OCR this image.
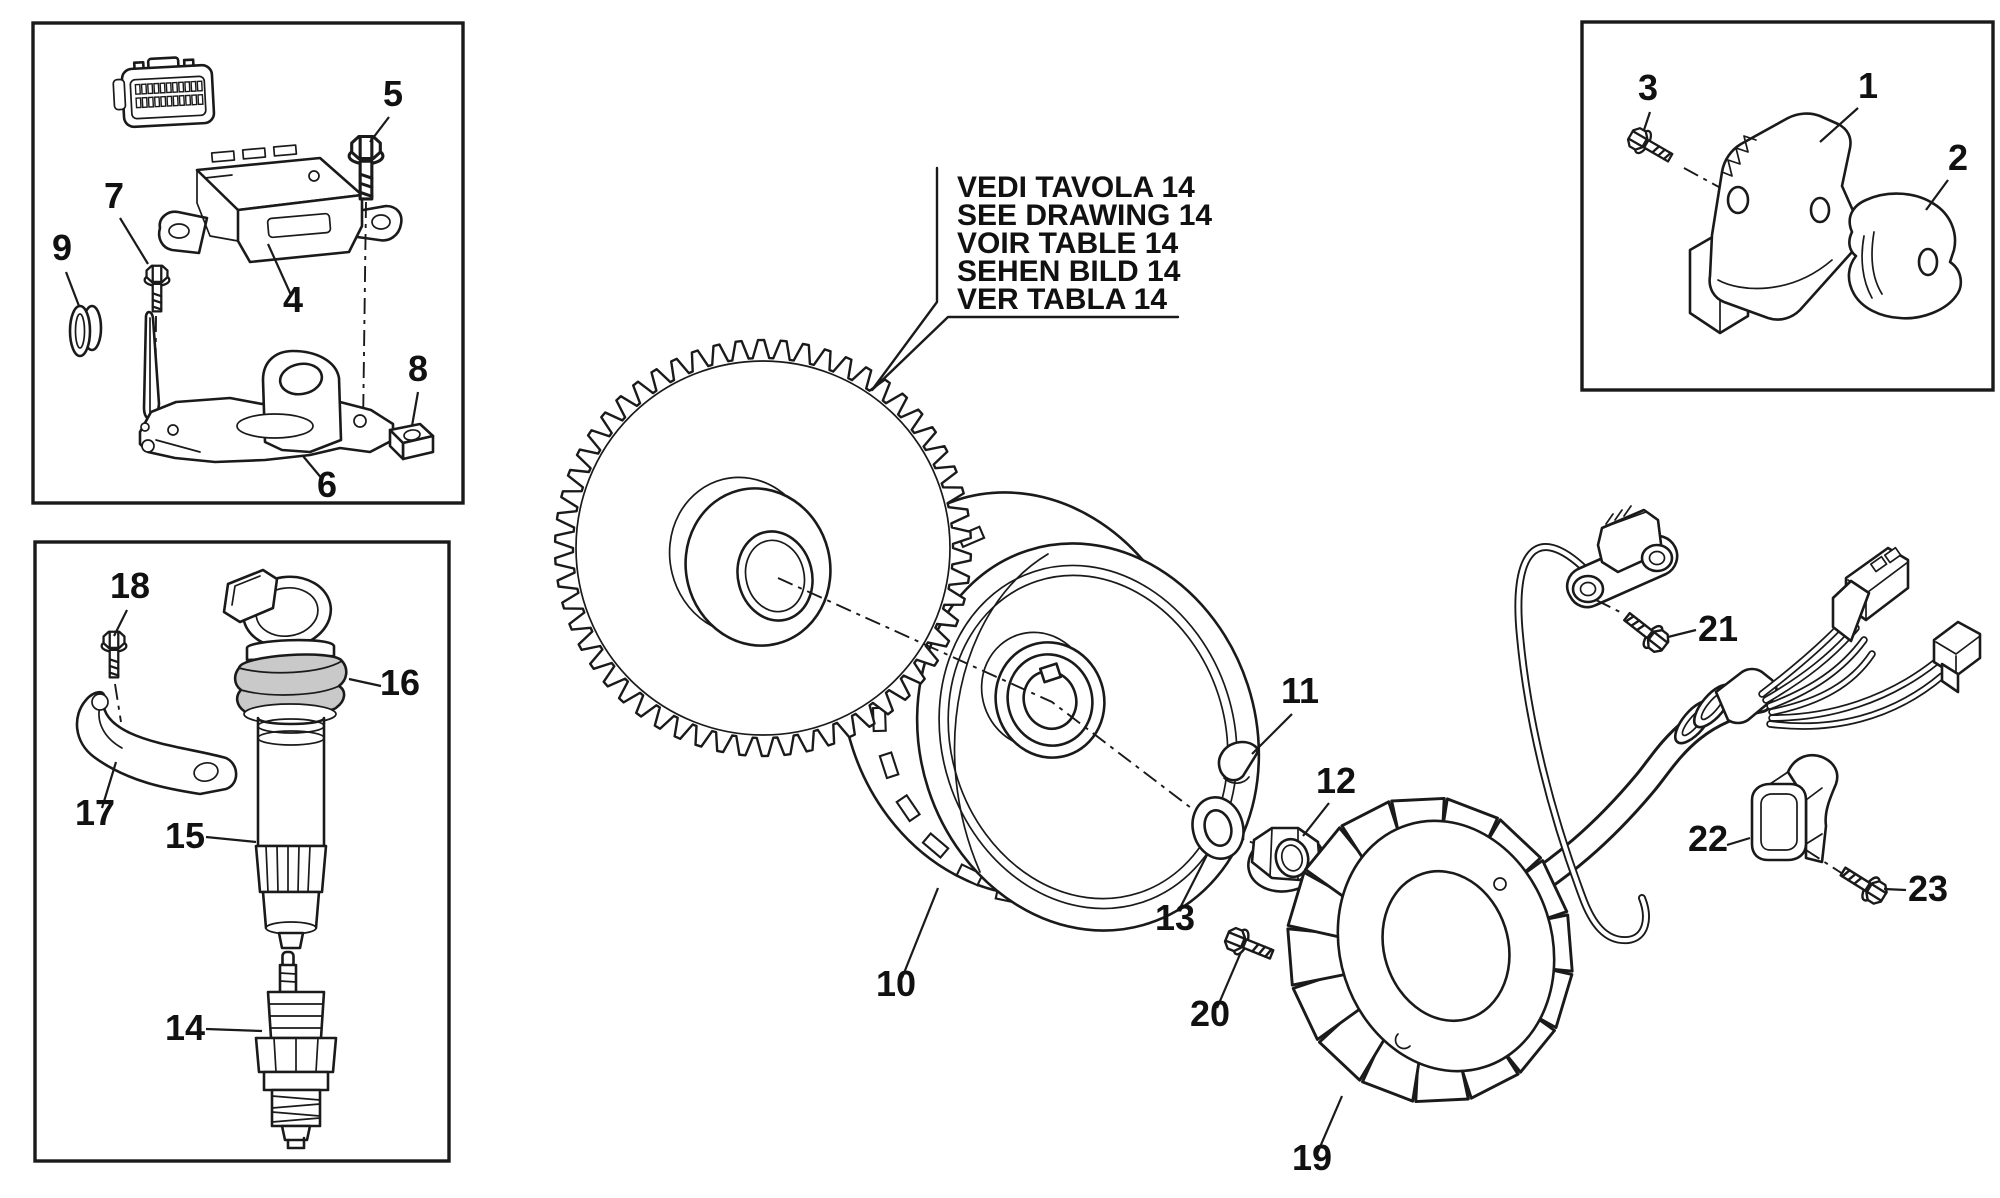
VEDI TAVOLA 14
SEE DRAWING 14
VOIR TABLE 14
SEHEN BILD 14
VER TABLA 14
1
2
3
4
5
6
7
8
9
10
11
12
13
14
15
16
17
18
19
20
21
22
23
